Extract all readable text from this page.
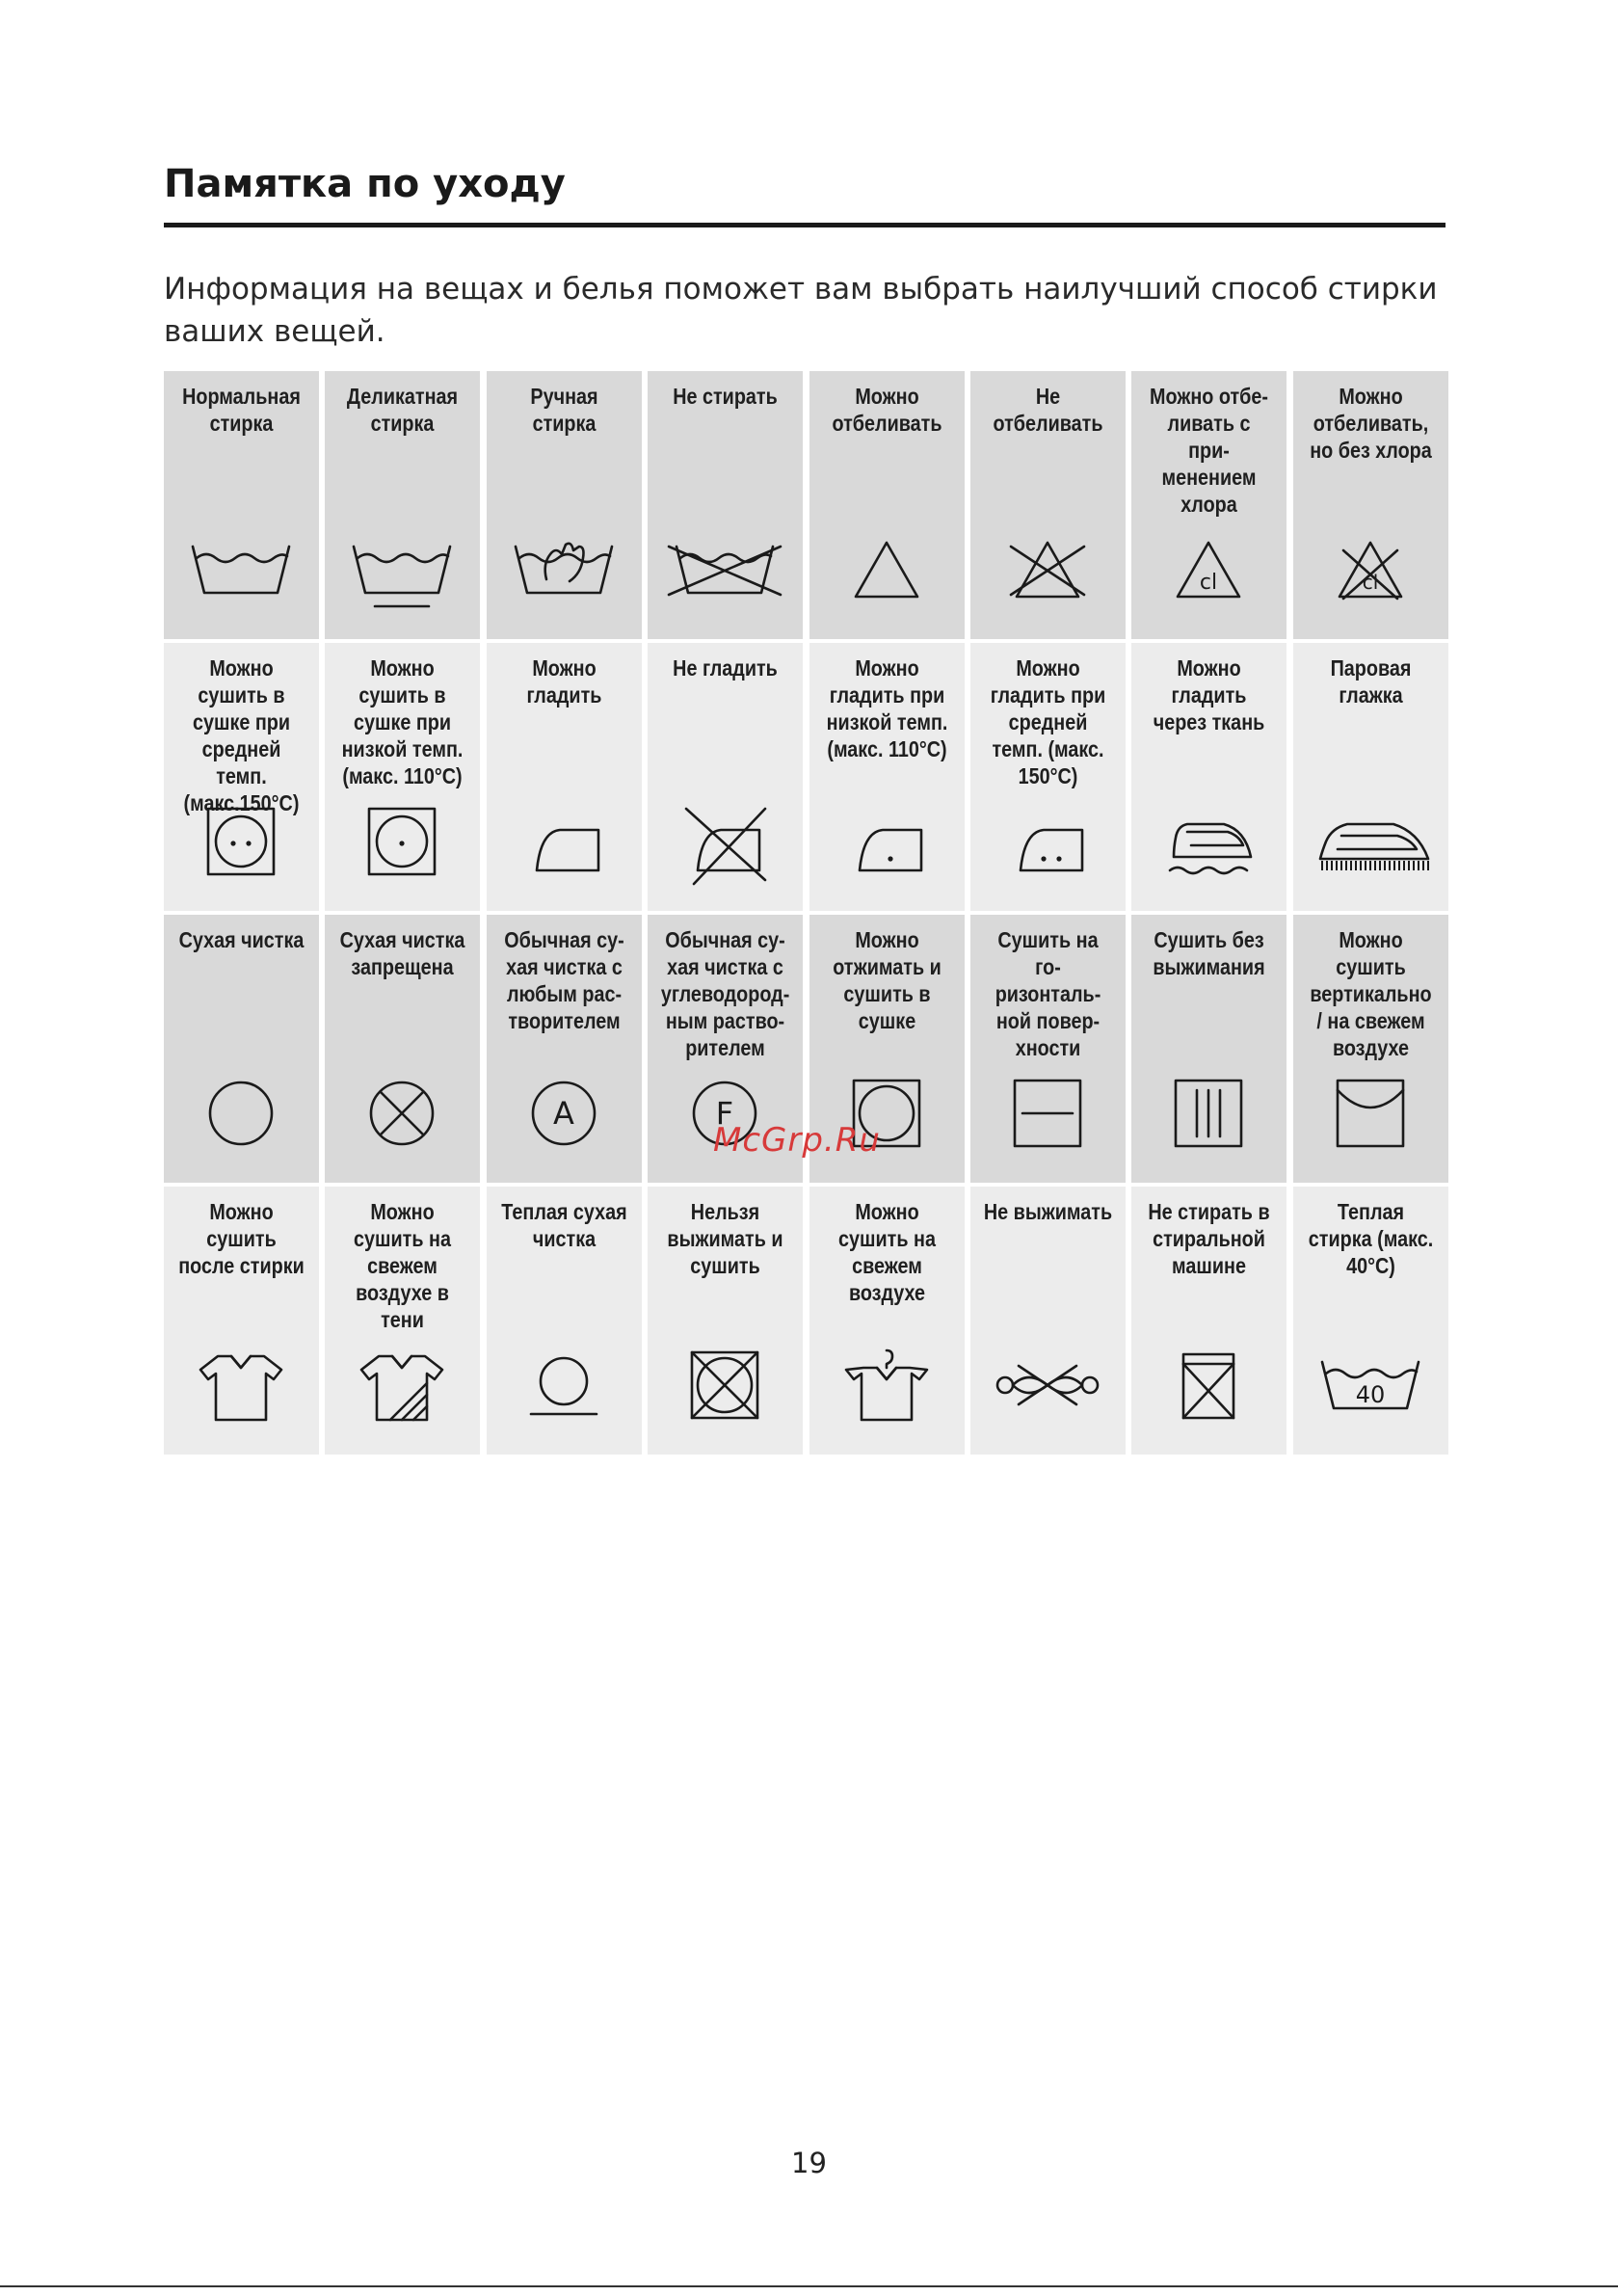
Памятка по уходу
Информация на вещах и белья поможет вам выбрать наилучший способ стирки ваших вещей.
Нормальная стирка
Деликатная стирка
Ручная стирка
Не стирать	Можно отбеливать
Не отбеливать
Можно отбе-ливать с при-менением хлора
cl
Можно отбеливать, но без хлора
cl
Можно сушить в сушке при средней темп. (макс.150°С)
Можно сушить в сушке при низкой темп. (макс. 110°С)
Можно гладить
Не гладить	Можно гладить при низкой темп. (макс. 110°С)
Можно гладить при средней темп. (макс. 150°С)
Можно гладить через ткань
Паровая глажка
Сухая чистка Сухая чистка запрещена
Обычная су-хая чистка с любым рас-творителем
A
Обычная су-хая чистка с углеводород-ным раство-рителем
F
Можно отжимать и сушить в сушке
Сушить на го-ризонталь-ной повер-хности
Сушить без выжимания
Можно сушить вертикально / на свежем воздухе
Можно сушить после стирки
Можно сушить на свежем воздухе в тени
Теплая сухая чистка
Нельзя выжимать и сушить
Можно сушить на свежем воздухе
Не выжимать Не стирать в стиральной машине
Теплая стирка (макс. 40°С)
40
McGrp.Ru
19
